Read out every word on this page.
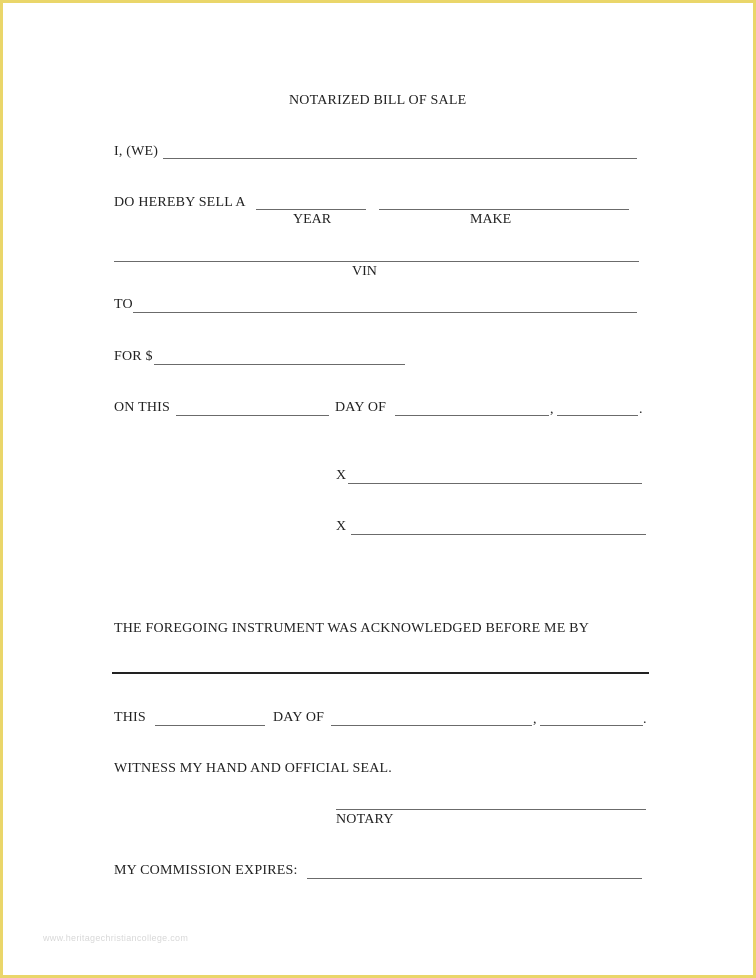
NOTARIZED BILL OF SALE
I, (WE)
DO HEREBY SELL A
YEAR	MAKE
VIN
TO
FOR $
ON THIS	DAY OF	,	.
X
X
THE FOREGOING INSTRUMENT WAS ACKNOWLEDGED BEFORE ME BY
THIS	DAY OF	,	.
WITNESS MY HAND AND OFFICIAL SEAL.
NOTARY
MY COMMISSION EXPIRES:
www.heritagechristiancollege.com
